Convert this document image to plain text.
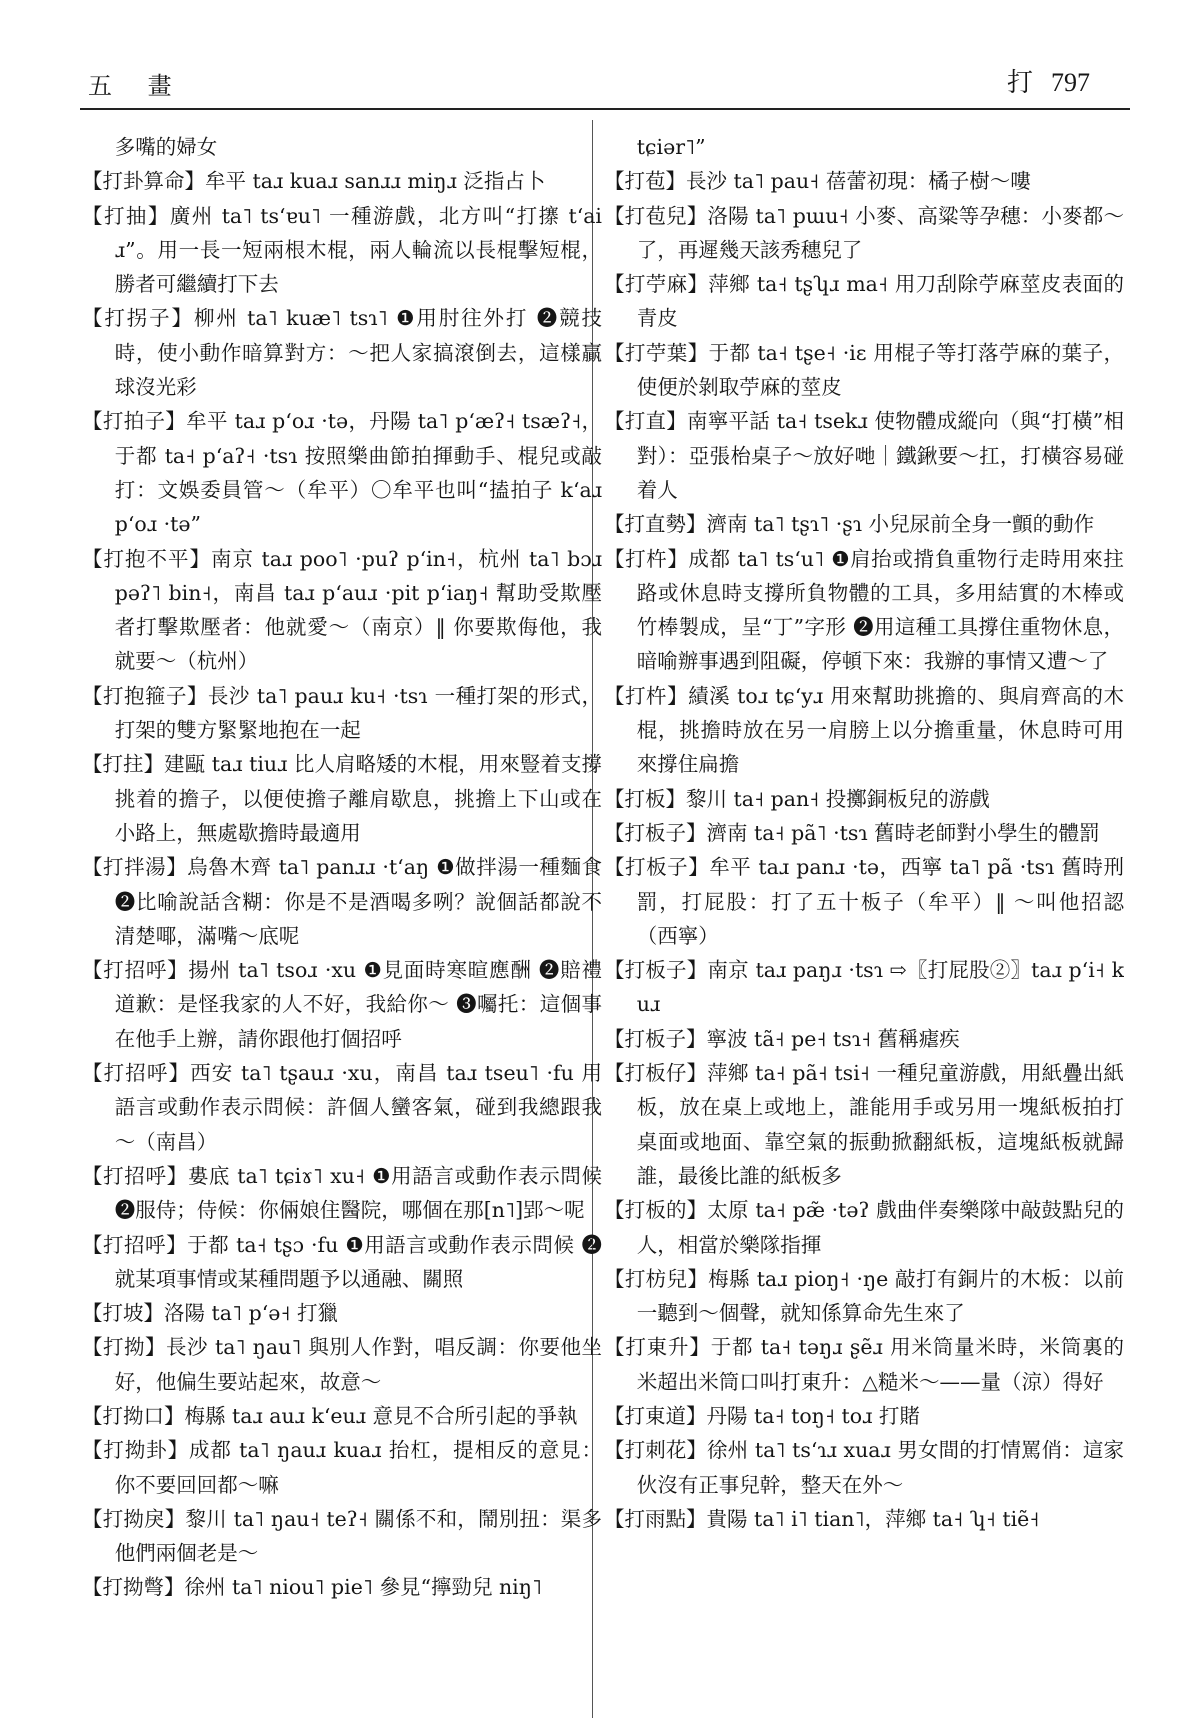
五 畫	打 797
多嘴的婦女
【打卦算命】牟平 taɹ kuaɹ sanɹɹ miŋɹ 泛指占卜
【打抽】廣州 ta˥ tsʻɐu˥ 一種游戲，北方叫“打㩟 tʻaiɹ”。用一長一短兩根木棍，兩人輪流以長棍擊短棍，勝者可繼續打下去
【打拐子】柳州 ta˥ kuæ˥ tsɿ˥ ❶用肘往外打 ❷競技時，使小動作暗算對方：～把人家搞滾倒去，這樣贏球沒光彩
【打拍子】牟平 taɹ pʻoɹ ·tə，丹陽 ta˥ pʻæʔ˧ tsæʔ˧，于都 ta˧ pʻaʔ˧ ·tsɿ 按照樂曲節拍揮動手、棍兒或敲打：文娛委員管～（牟平）〇牟平也叫“搕拍子 kʻaɹ pʻoɹ ·tə”
【打抱不平】南京 taɹ poo˥ ·puʔ pʻin˧，杭州 ta˥ bɔɹ pəʔ˥ bin˧，南昌 taɹ pʻauɹ ·pit pʻiaŋ˧ 幫助受欺壓者打擊欺壓者：他就愛～（南京）‖ 你要欺侮他，我就要～（杭州）
【打抱箍子】長沙 ta˥ pauɹ ku˧ ·tsɿ 一種打架的形式，打架的雙方緊緊地抱在一起
【打拄】建甌 taɹ tiuɹ 比人肩略矮的木棍，用來豎着支撐挑着的擔子，以便使擔子離肩歇息，挑擔上下山或在小路上，無處歇擔時最適用
【打拌湯】烏魯木齊 ta˥ panɹɹ ·tʻaŋ ❶做拌湯一種麵食 ❷比喻說話含糊：你是不是酒喝多咧？說個話都說不清楚㖿，滿嘴～底呢
【打招呼】揚州 ta˥ tsoɹ ·xu ❶見面時寒暄應酬 ❷賠禮道歉：是怪我家的人不好，我給你～ ❸囑托：這個事在他手上辦，請你跟他打個招呼
【打招呼】西安 ta˥ tʂauɹ ·xu，南昌 taɹ tseu˥ ·fu 用語言或動作表示問候：許個人蠻客氣，碰到我總跟我～（南昌）
【打招呼】婁底 ta˥ tɕiɤ˥ xu˧ ❶用語言或動作表示問候 ❷服侍；侍候：你倆娘住醫院，哪個在那[n˥]郢～呢
【打招呼】于都 ta˧ tʂɔ ·fu ❶用語言或動作表示問候 ❷就某項事情或某種問題予以通融、關照
【打坡】洛陽 ta˥ pʻə˧ 打獵
【打拗】長沙 ta˥ ŋau˥ 與別人作對，唱反調：你要他坐好，他偏生要站起來，故意～
【打拗口】梅縣 taɹ auɹ kʻeuɹ 意見不合所引起的爭執
【打拗卦】成都 ta˥ ŋauɹ kuaɹ 抬杠，提相反的意見：你不要回回都～嘛
【打拗戾】黎川 ta˥ ŋau˧ teʔ˧ 關係不和，鬧別扭：渠多他們兩個老是～
【打拗彆】徐州 ta˥ niou˥ pie˥ 參見“擰勁兒 niŋ˥
tɕiər˥”
【打苞】長沙 ta˥ pau˧ 蓓蕾初現：橘子樹～嘍
【打苞兒】洛陽 ta˥ pɯu˧ 小麥、高粱等孕穗：小麥都～了，再遲幾天該秀穗兒了
【打苧麻】萍鄉 ta˧ tʂʮɹ ma˧ 用刀刮除苧麻莖皮表面的青皮
【打苧葉】于都 ta˧ tʂe˧ ·iɛ 用棍子等打落苧麻的葉子，使便於剝取苧麻的莖皮
【打直】南寧平話 ta˧ tsekɹ 使物體成縱向（與“打橫”相對）：亞張枱桌子～放好哋｜鐵鍬要～扛，打橫容易碰着人
【打直勢】濟南 ta˥ tʂɿ˥ ·ʂɿ 小兒尿前全身一顫的動作
【打杵】成都 ta˥ tsʻu˥ ❶肩抬或揹負重物行走時用來拄路或休息時支撐所負物體的工具，多用結實的木棒或竹棒製成，呈“丁”字形 ❷用這種工具撐住重物休息，暗喻辦事遇到阻礙，停頓下來：我辦的事情又遭～了
【打杵】績溪 toɹ tɕʻyɹ 用來幫助挑擔的、與肩齊高的木棍，挑擔時放在另一肩膀上以分擔重量，休息時可用來撐住扁擔
【打板】黎川 ta˧ pan˧ 投擲銅板兒的游戲
【打板子】濟南 ta˧ pã˥ ·tsɿ 舊時老師對小學生的體罰
【打板子】牟平 taɹ panɹ ·tə，西寧 ta˥ pã ·tsɿ 舊時刑罰，打屁股：打了五十板子（牟平）‖ ～叫他招認（西寧）
【打板子】南京 taɹ paŋɹ ·tsɿ ⇨〖打屁股②〗taɹ pʻi˧ kuɹ
【打板子】寧波 tã˧ pe˧ tsɿ˧ 舊稱瘧疾
【打板仔】萍鄉 ta˧ pã˧ tsi˧ 一種兒童游戲，用紙疊出紙板，放在桌上或地上，誰能用手或另用一塊紙板拍打桌面或地面、靠空氣的振動掀翻紙板，這塊紙板就歸誰，最後比誰的紙板多
【打板的】太原 ta˧ pæ̃ ·təʔ 戲曲伴奏樂隊中敲鼓點兒的人，相當於樂隊指揮
【打枋兒】梅縣 taɹ pioŋ˧ ·ŋe 敲打有銅片的木板：以前一聽到～個聲，就知係算命先生來了
【打東升】于都 ta˧ təŋɹ ʂẽɹ 用米筒量米時，米筒裏的米超出米筒口叫打東升：△糙米～——量（涼）得好
【打東道】丹陽 ta˧ toŋ˧ toɹ 打賭
【打刺花】徐州 ta˥ tsʻɿɹ xuaɹ 男女間的打情罵俏：這家伙沒有正事兒幹，整天在外～
【打雨點】貴陽 ta˥ i˥ tian˥，萍鄉 ta˧ ʮ˧ tiẽ˧
